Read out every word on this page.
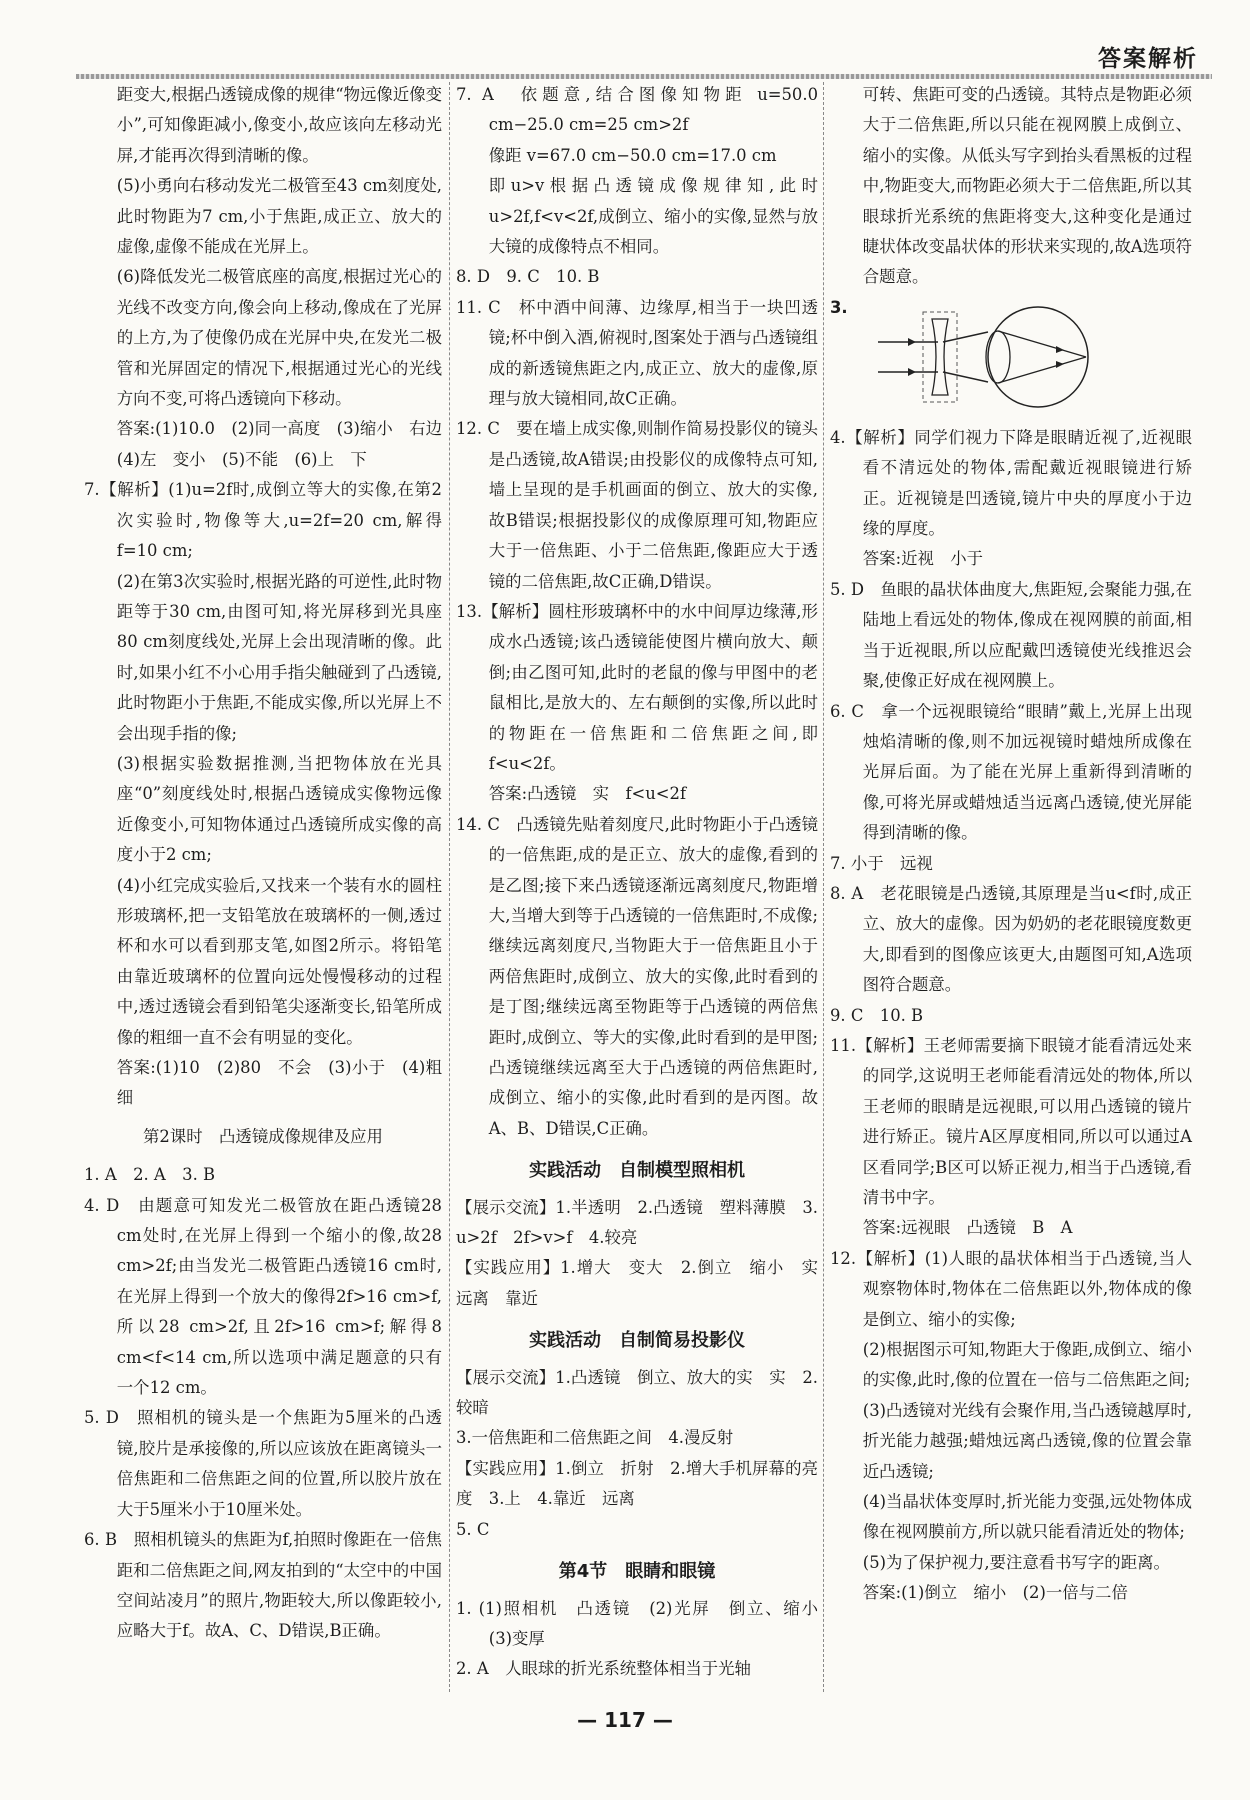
答案解析

距变大,根据凸透镜成像的规律“物远像近像变小”,可知像距减小,像变小,故应该向左移动光屏,才能再次得到清晰的像。

(5)小勇向右移动发光二极管至43 cm刻度处,此时物距为7 cm,小于焦距,成正立、放大的虚像,虚像不能成在光屏上。

(6)降低发光二极管底座的高度,根据过光心的光线不改变方向,像会向上移动,像成在了光屏的上方,为了使像仍成在光屏中央,在发光二极管和光屏固定的情况下,根据通过光心的光线方向不变,可将凸透镜向下移动。

答案:(1)10.0　(2)同一高度　(3)缩小　右边　(4)左　变小　(5)不能　(6)上　下

7.【解析】(1)u=2f时,成倒立等大的实像,在第2次实验时,物像等大,u=2f=20 cm,解得 f=10 cm;

(2)在第3次实验时,根据光路的可逆性,此时物距等于30 cm,由图可知,将光屏移到光具座80 cm刻度线处,光屏上会出现清晰的像。此时,如果小红不小心用手指尖触碰到了凸透镜,此时物距小于焦距,不能成实像,所以光屏上不会出现手指的像;

(3)根据实验数据推测,当把物体放在光具座“0”刻度线处时,根据凸透镜成实像物远像近像变小,可知物体通过凸透镜所成实像的高度小于2 cm;

(4)小红完成实验后,又找来一个装有水的圆柱形玻璃杯,把一支铅笔放在玻璃杯的一侧,透过杯和水可以看到那支笔,如图2所示。将铅笔由靠近玻璃杯的位置向远处慢慢移动的过程中,透过透镜会看到铅笔尖逐渐变长,铅笔所成像的粗细一直不会有明显的变化。

答案:(1)10　(2)80　不会　(3)小于　(4)粗细

第2课时　凸透镜成像规律及应用

1. A　2. A　3. B

4. D　由题意可知发光二极管放在距凸透镜28 cm处时,在光屏上得到一个缩小的像,故28 cm>2f;由当发光二极管距凸透镜16 cm时,在光屏上得到一个放大的像得2f>16 cm>f,所以28 cm>2f,且2f>16 cm>f;解得8 cm<f<14 cm,所以选项中满足题意的只有一个12 cm。

5. D　照相机的镜头是一个焦距为5厘米的凸透镜,胶片是承接像的,所以应该放在距离镜头一倍焦距和二倍焦距之间的位置,所以胶片放在大于5厘米小于10厘米处。

6. B　照相机镜头的焦距为f,拍照时像距在一倍焦距和二倍焦距之间,网友拍到的“太空中的中国空间站凌月”的照片,物距较大,所以像距较小,应略大于f。故A、C、D错误,B正确。

7. A　依题意,结合图像知物距 u=50.0 cm−25.0 cm=25 cm>2f

像距 v=67.0 cm−50.0 cm=17.0 cm

即u>v根据凸透镜成像规律知,此时u>2f,f<v<2f,成倒立、缩小的实像,显然与放大镜的成像特点不相同。

8. D　9. C　10. B

11. C　杯中酒中间薄、边缘厚,相当于一块凹透镜;杯中倒入酒,俯视时,图案处于酒与凸透镜组成的新透镜焦距之内,成正立、放大的虚像,原理与放大镜相同,故C正确。

12. C　要在墙上成实像,则制作简易投影仪的镜头是凸透镜,故A错误;由投影仪的成像特点可知,墙上呈现的是手机画面的倒立、放大的实像,故B错误;根据投影仪的成像原理可知,物距应大于一倍焦距、小于二倍焦距,像距应大于透镜的二倍焦距,故C正确,D错误。

13.【解析】圆柱形玻璃杯中的水中间厚边缘薄,形成水凸透镜;该凸透镜能使图片横向放大、颠倒;由乙图可知,此时的老鼠的像与甲图中的老鼠相比,是放大的、左右颠倒的实像,所以此时的物距在一倍焦距和二倍焦距之间,即 f<u<2f。

答案:凸透镜　实　f<u<2f

14. C　凸透镜先贴着刻度尺,此时物距小于凸透镜的一倍焦距,成的是正立、放大的虚像,看到的是乙图;接下来凸透镜逐渐远离刻度尺,物距增大,当增大到等于凸透镜的一倍焦距时,不成像;继续远离刻度尺,当物距大于一倍焦距且小于两倍焦距时,成倒立、放大的实像,此时看到的是丁图;继续远离至物距等于凸透镜的两倍焦距时,成倒立、等大的实像,此时看到的是甲图;凸透镜继续远离至大于凸透镜的两倍焦距时,成倒立、缩小的实像,此时看到的是丙图。故A、B、D错误,C正确。

实践活动　自制模型照相机

【展示交流】1.半透明　2.凸透镜　塑料薄膜　3. u>2f　2f>v>f　4.较亮

【实践应用】1.增大　变大　2.倒立　缩小　实　远离　靠近

实践活动　自制简易投影仪

【展示交流】1.凸透镜　倒立、放大的实　实　2.较暗

3.一倍焦距和二倍焦距之间　4.漫反射

【实践应用】1.倒立　折射　2.增大手机屏幕的亮度　3.上　4.靠近　远离

5. C

第4节　眼睛和眼镜

1. (1)照相机　凸透镜　(2)光屏　倒立、缩小　(3)变厚

2. A　人眼球的折光系统整体相当于光轴

可转、焦距可变的凸透镜。其特点是物距必须大于二倍焦距,所以只能在视网膜上成倒立、缩小的实像。从低头写字到抬头看黑板的过程中,物距变大,而物距必须大于二倍焦距,所以其眼球折光系统的焦距将变大,这种变化是通过睫状体改变晶状体的形状来实现的,故A选项符合题意。

3.

4.【解析】同学们视力下降是眼睛近视了,近视眼看不清远处的物体,需配戴近视眼镜进行矫正。近视镜是凹透镜,镜片中央的厚度小于边缘的厚度。

答案:近视　小于

5. D　鱼眼的晶状体曲度大,焦距短,会聚能力强,在陆地上看远处的物体,像成在视网膜的前面,相当于近视眼,所以应配戴凹透镜使光线推迟会聚,使像正好成在视网膜上。

6. C　拿一个远视眼镜给“眼睛”戴上,光屏上出现烛焰清晰的像,则不加远视镜时蜡烛所成像在光屏后面。为了能在光屏上重新得到清晰的像,可将光屏或蜡烛适当远离凸透镜,使光屏能得到清晰的像。

7. 小于　远视

8. A　老花眼镜是凸透镜,其原理是当u<f时,成正立、放大的虚像。因为奶奶的老花眼镜度数更大,即看到的图像应该更大,由题图可知,A选项图符合题意。

9. C　10. B

11.【解析】王老师需要摘下眼镜才能看清远处来的同学,这说明王老师能看清远处的物体,所以王老师的眼睛是远视眼,可以用凸透镜的镜片进行矫正。镜片A区厚度相同,所以可以通过A区看同学;B区可以矫正视力,相当于凸透镜,看清书中字。

答案:远视眼　凸透镜　B　A

12.【解析】(1)人眼的晶状体相当于凸透镜,当人观察物体时,物体在二倍焦距以外,物体成的像是倒立、缩小的实像;

(2)根据图示可知,物距大于像距,成倒立、缩小的实像,此时,像的位置在一倍与二倍焦距之间;

(3)凸透镜对光线有会聚作用,当凸透镜越厚时,折光能力越强;蜡烛远离凸透镜,像的位置会靠近凸透镜;

(4)当晶状体变厚时,折光能力变强,远处物体成像在视网膜前方,所以就只能看清近处的物体;

(5)为了保护视力,要注意看书写字的距离。

答案:(1)倒立　缩小　(2)一倍与二倍

— 117 —
